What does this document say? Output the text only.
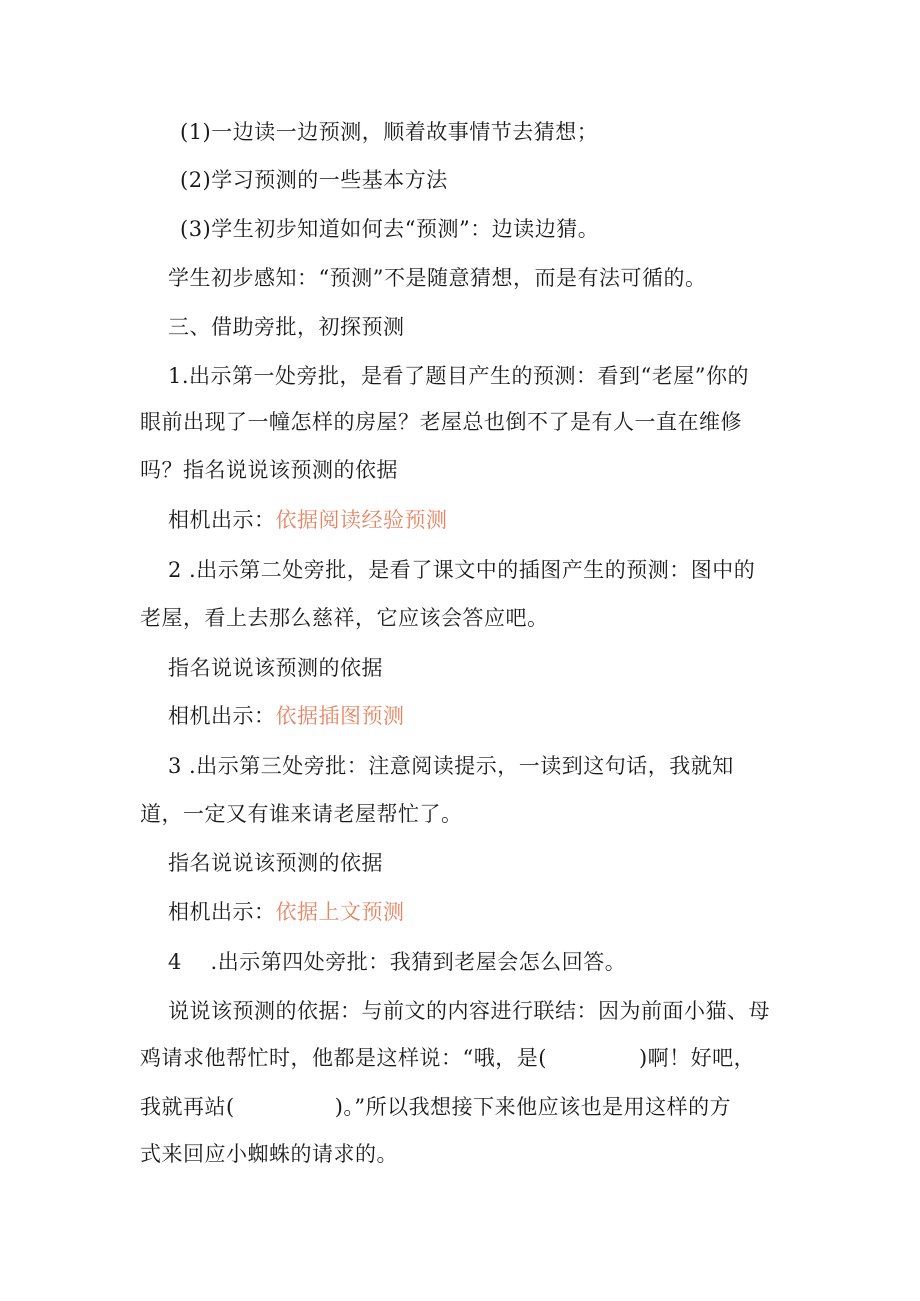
(1)一边读一边预测，顺着故事情节去猜想；
(2)学习预测的一些基本方法
(3)学生初步知道如何去“预测”：边读边猜。
学生初步感知：“预测”不是随意猜想，而是有法可循的。
三、借助旁批，初探预测
1.出示第一处旁批，是看了题目产生的预测：看到“老屋”你的
眼前出现了一幢怎样的房屋？老屋总也倒不了是有人一直在维修
吗？指名说说该预测的依据
相机出示：依据阅读经验预测
2 .出示第二处旁批，是看了课文中的插图产生的预测：图中的
老屋，看上去那么慈祥，它应该会答应吧。
指名说说该预测的依据
相机出示：依据插图预测
3 .出示第三处旁批：注意阅读提示，一读到这句话，我就知
道，一定又有谁来请老屋帮忙了。
指名说说该预测的依据
相机出示：依据上文预测
4　 .出示第四处旁批：我猜到老屋会怎么回答。
说说该预测的依据：与前文的内容进行联结：因为前面小猫、母
鸡请求他帮忙时，他都是这样说：“哦，是(	)啊！好吧，
我就再站(	)。”所以我想接下来他应该也是用这样的方
式来回应小蜘蛛的请求的。
